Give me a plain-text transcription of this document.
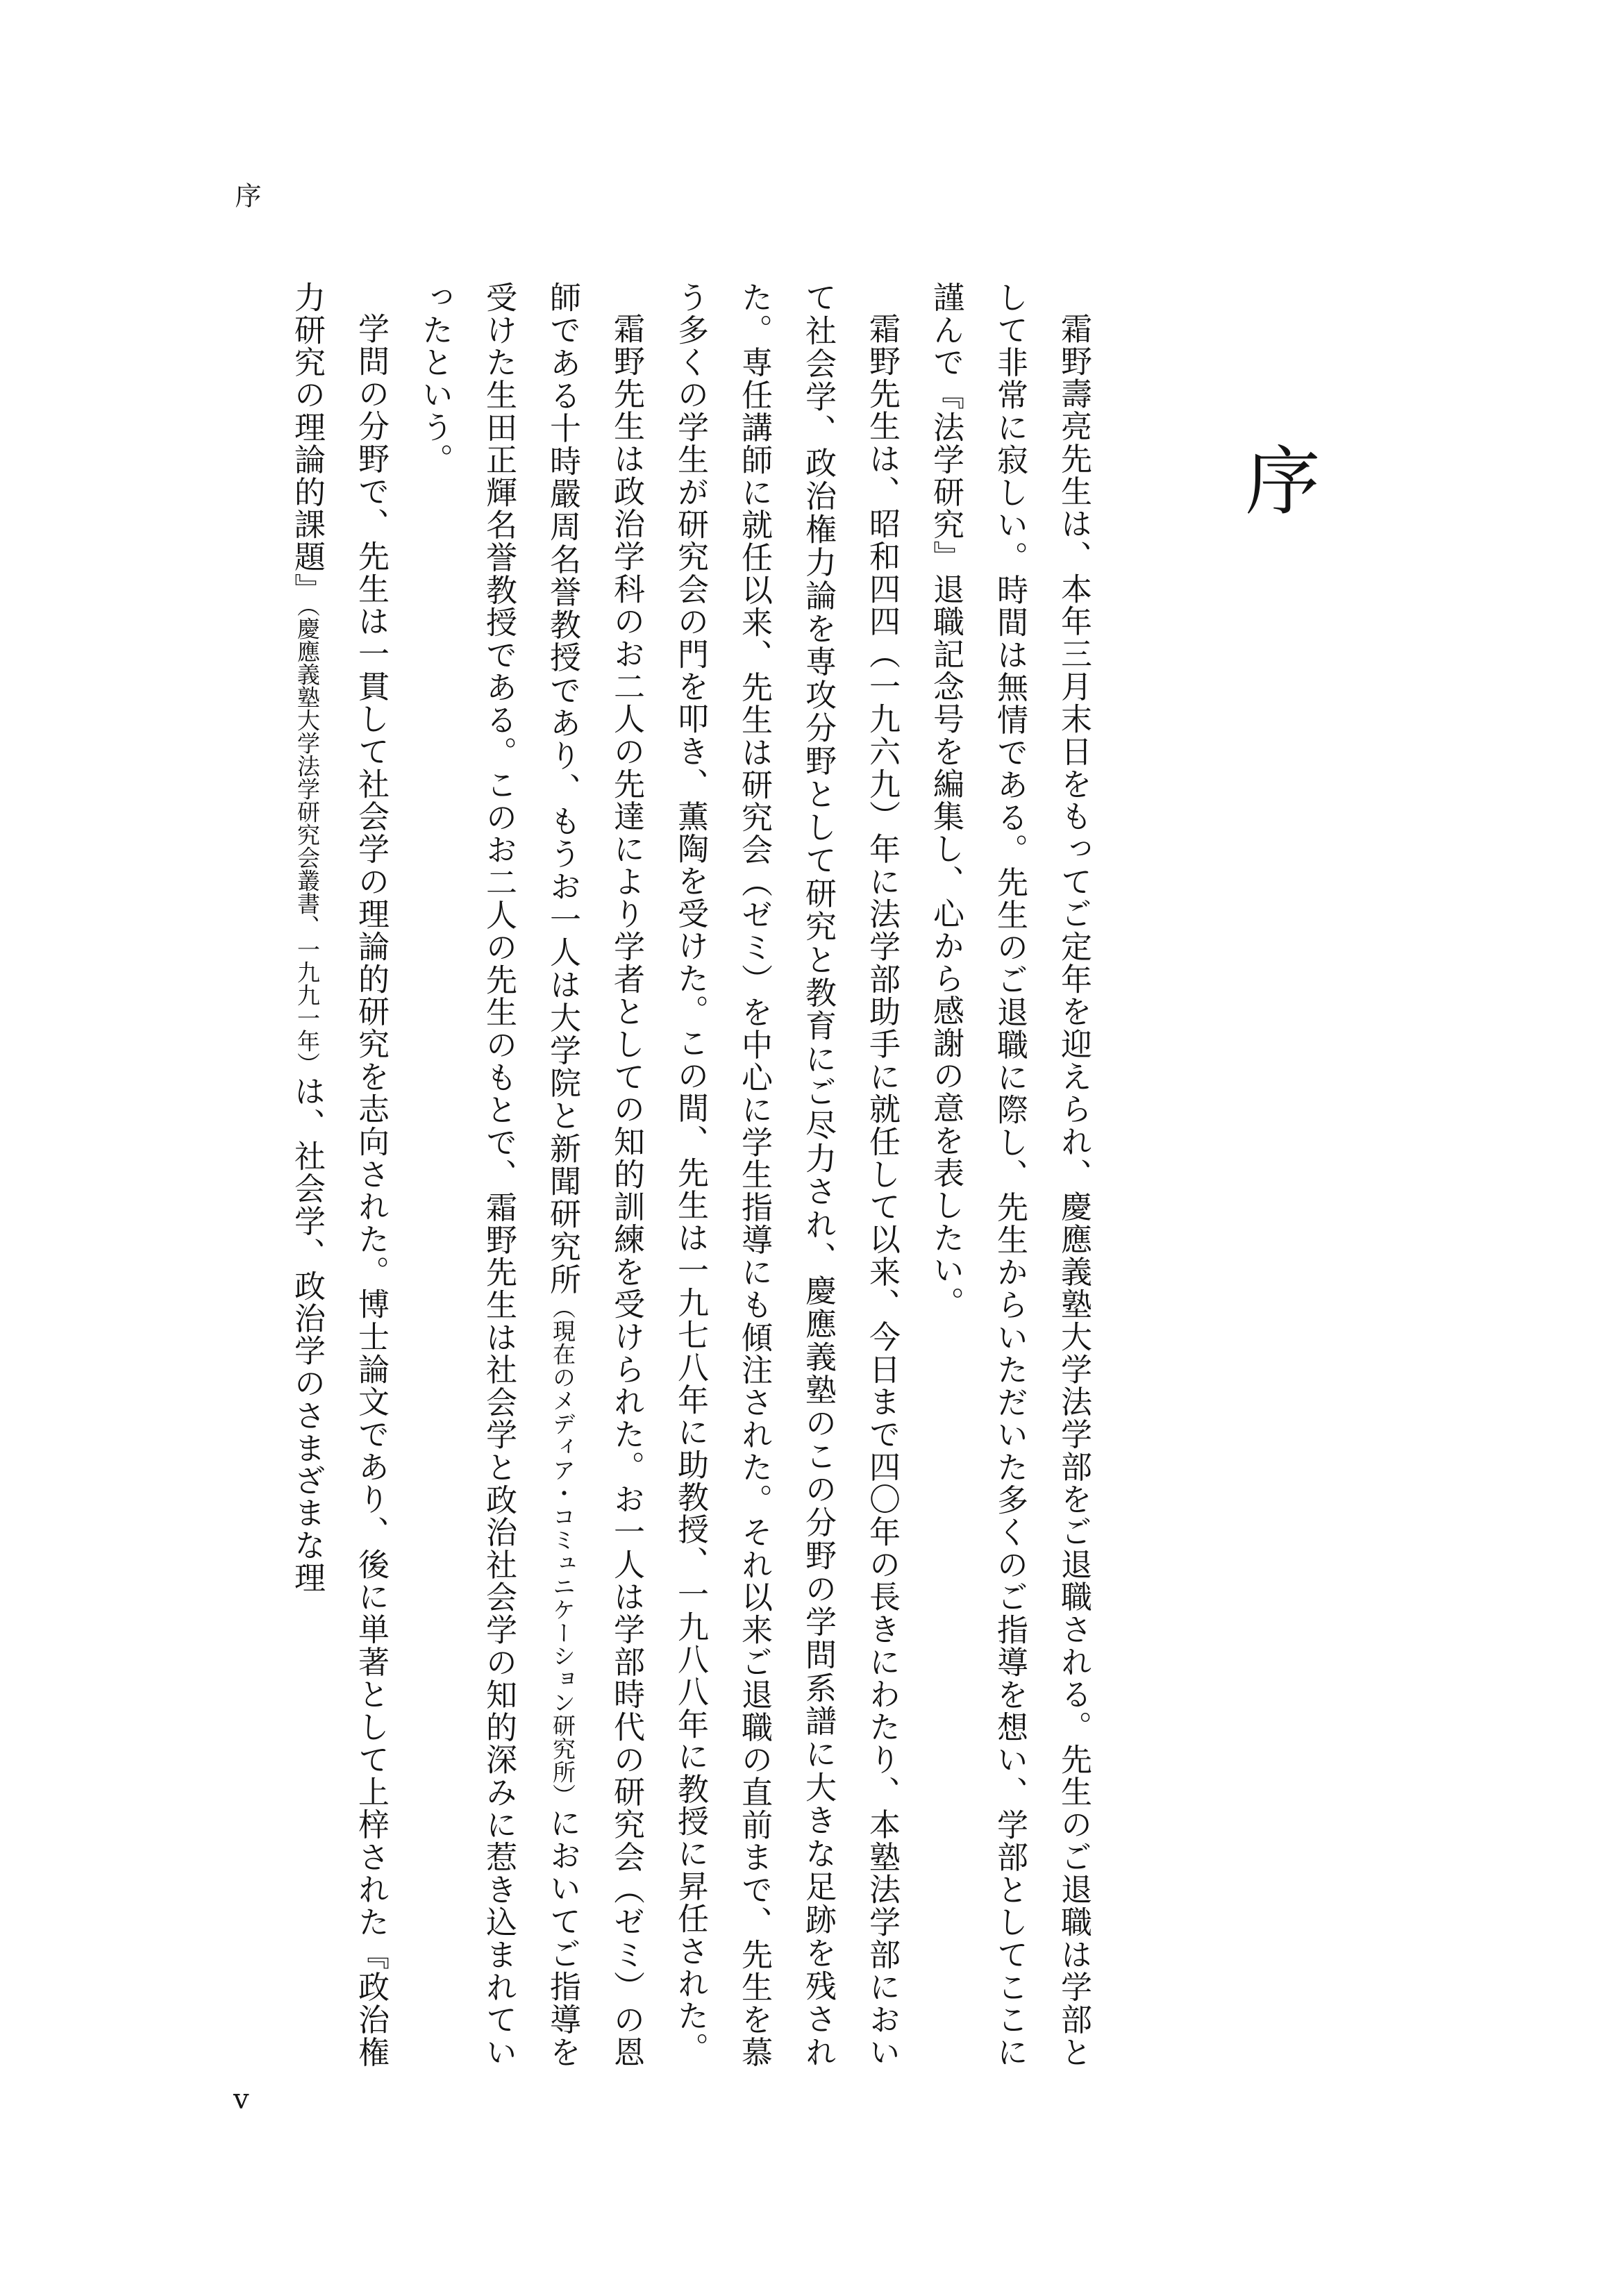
序
序

霜野壽亮先生は、本年三月末日をもってご定年を迎えられ、慶應義塾大学法学部をご退職される。先生のご退職は学部として非常に寂しい。時間は無情である。先生のご退職に際し、先生からいただいた多くのご指導を想い、学部としてここに謹んで『法学研究』退職記念号を編集し、心から感謝の意を表したい。

霜野先生は、昭和四四（一九六九）年に法学部助手に就任して以来、今日まで四〇年の長きにわたり、本塾法学部において社会学、政治権力論を専攻分野として研究と教育にご尽力され、慶應義塾のこの分野の学問系譜に大きな足跡を残された。専任講師に就任以来、先生は研究会（ゼミ）を中心に学生指導にも傾注された。それ以来ご退職の直前まで、先生を慕う多くの学生が研究会の門を叩き、薫陶を受けた。この間、先生は一九七八年に助教授、一九八八年に教授に昇任された。

霜野先生は政治学科のお二人の先達により学者としての知的訓練を受けられた。お一人は学部時代の研究会（ゼミ）の恩師である十時嚴周名誉教授であり、もうお一人は大学院と新聞研究所（現在のメディア・コミュニケーション研究所）においてご指導を受けた生田正輝名誉教授である。このお二人の先生のもとで、霜野先生は社会学と政治社会学の知的深みに惹き込まれていったという。

学問の分野で、先生は一貫して社会学の理論的研究を志向された。博士論文であり、後に単著として上梓された『政治権力研究の理論的課題』（慶應義塾大学法学研究会叢書、一九九一年）は、社会学、政治学のさまざまな理

v
